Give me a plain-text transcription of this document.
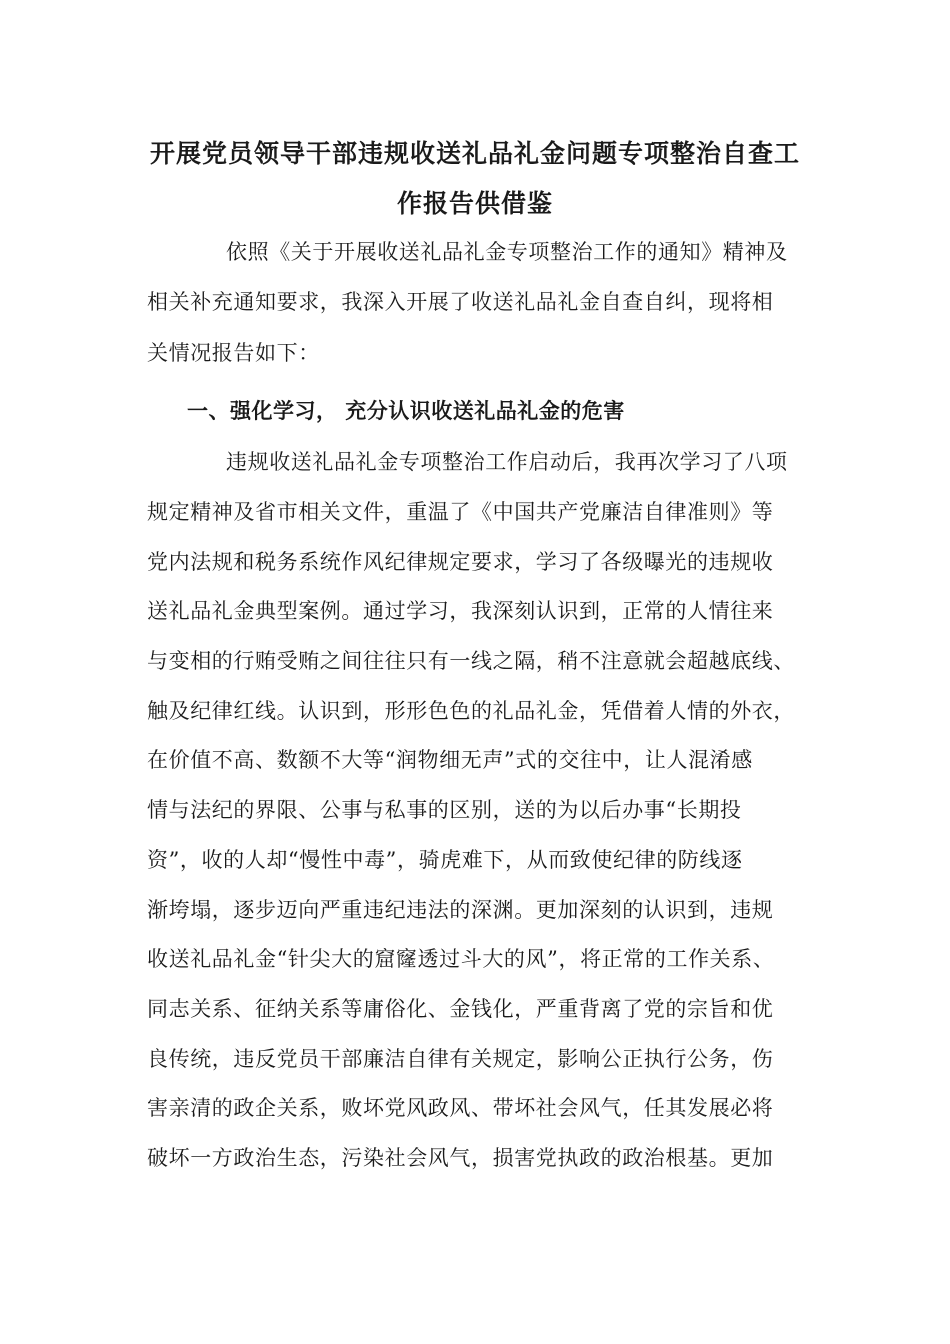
开展党员领导干部违规收送礼品礼金问题专项整治自查工
作报告供借鉴
依照《关于开展收送礼品礼金专项整治工作的通知》精神及
相关补充通知要求，我深入开展了收送礼品礼金自查自纠，现将相
关情况报告如下：
一、强化学习， 充分认识收送礼品礼金的危害
违规收送礼品礼金专项整治工作启动后，我再次学习了八项
规定精神及省市相关文件，重温了《中国共产党廉洁自律准则》等
党内法规和税务系统作风纪律规定要求，学习了各级曝光的违规收
送礼品礼金典型案例。通过学习，我深刻认识到，正常的人情往来
与变相的行贿受贿之间往往只有一线之隔，稍不注意就会超越底线、
触及纪律红线。认识到，形形色色的礼品礼金，凭借着人情的外衣，
在价值不高、数额不大等“润物细无声”式的交往中，让人混淆感
情与法纪的界限、公事与私事的区别，送的为以后办事“长期投
资”，收的人却“慢性中毒”，骑虎难下，从而致使纪律的防线逐
渐垮塌，逐步迈向严重违纪违法的深渊。更加深刻的认识到，违规
收送礼品礼金“针尖大的窟窿透过斗大的风”，将正常的工作关系、
同志关系、征纳关系等庸俗化、金钱化，严重背离了党的宗旨和优
良传统，违反党员干部廉洁自律有关规定，影响公正执行公务，伤
害亲清的政企关系，败坏党风政风、带坏社会风气，任其发展必将
破坏一方政治生态，污染社会风气，损害党执政的政治根基。更加
